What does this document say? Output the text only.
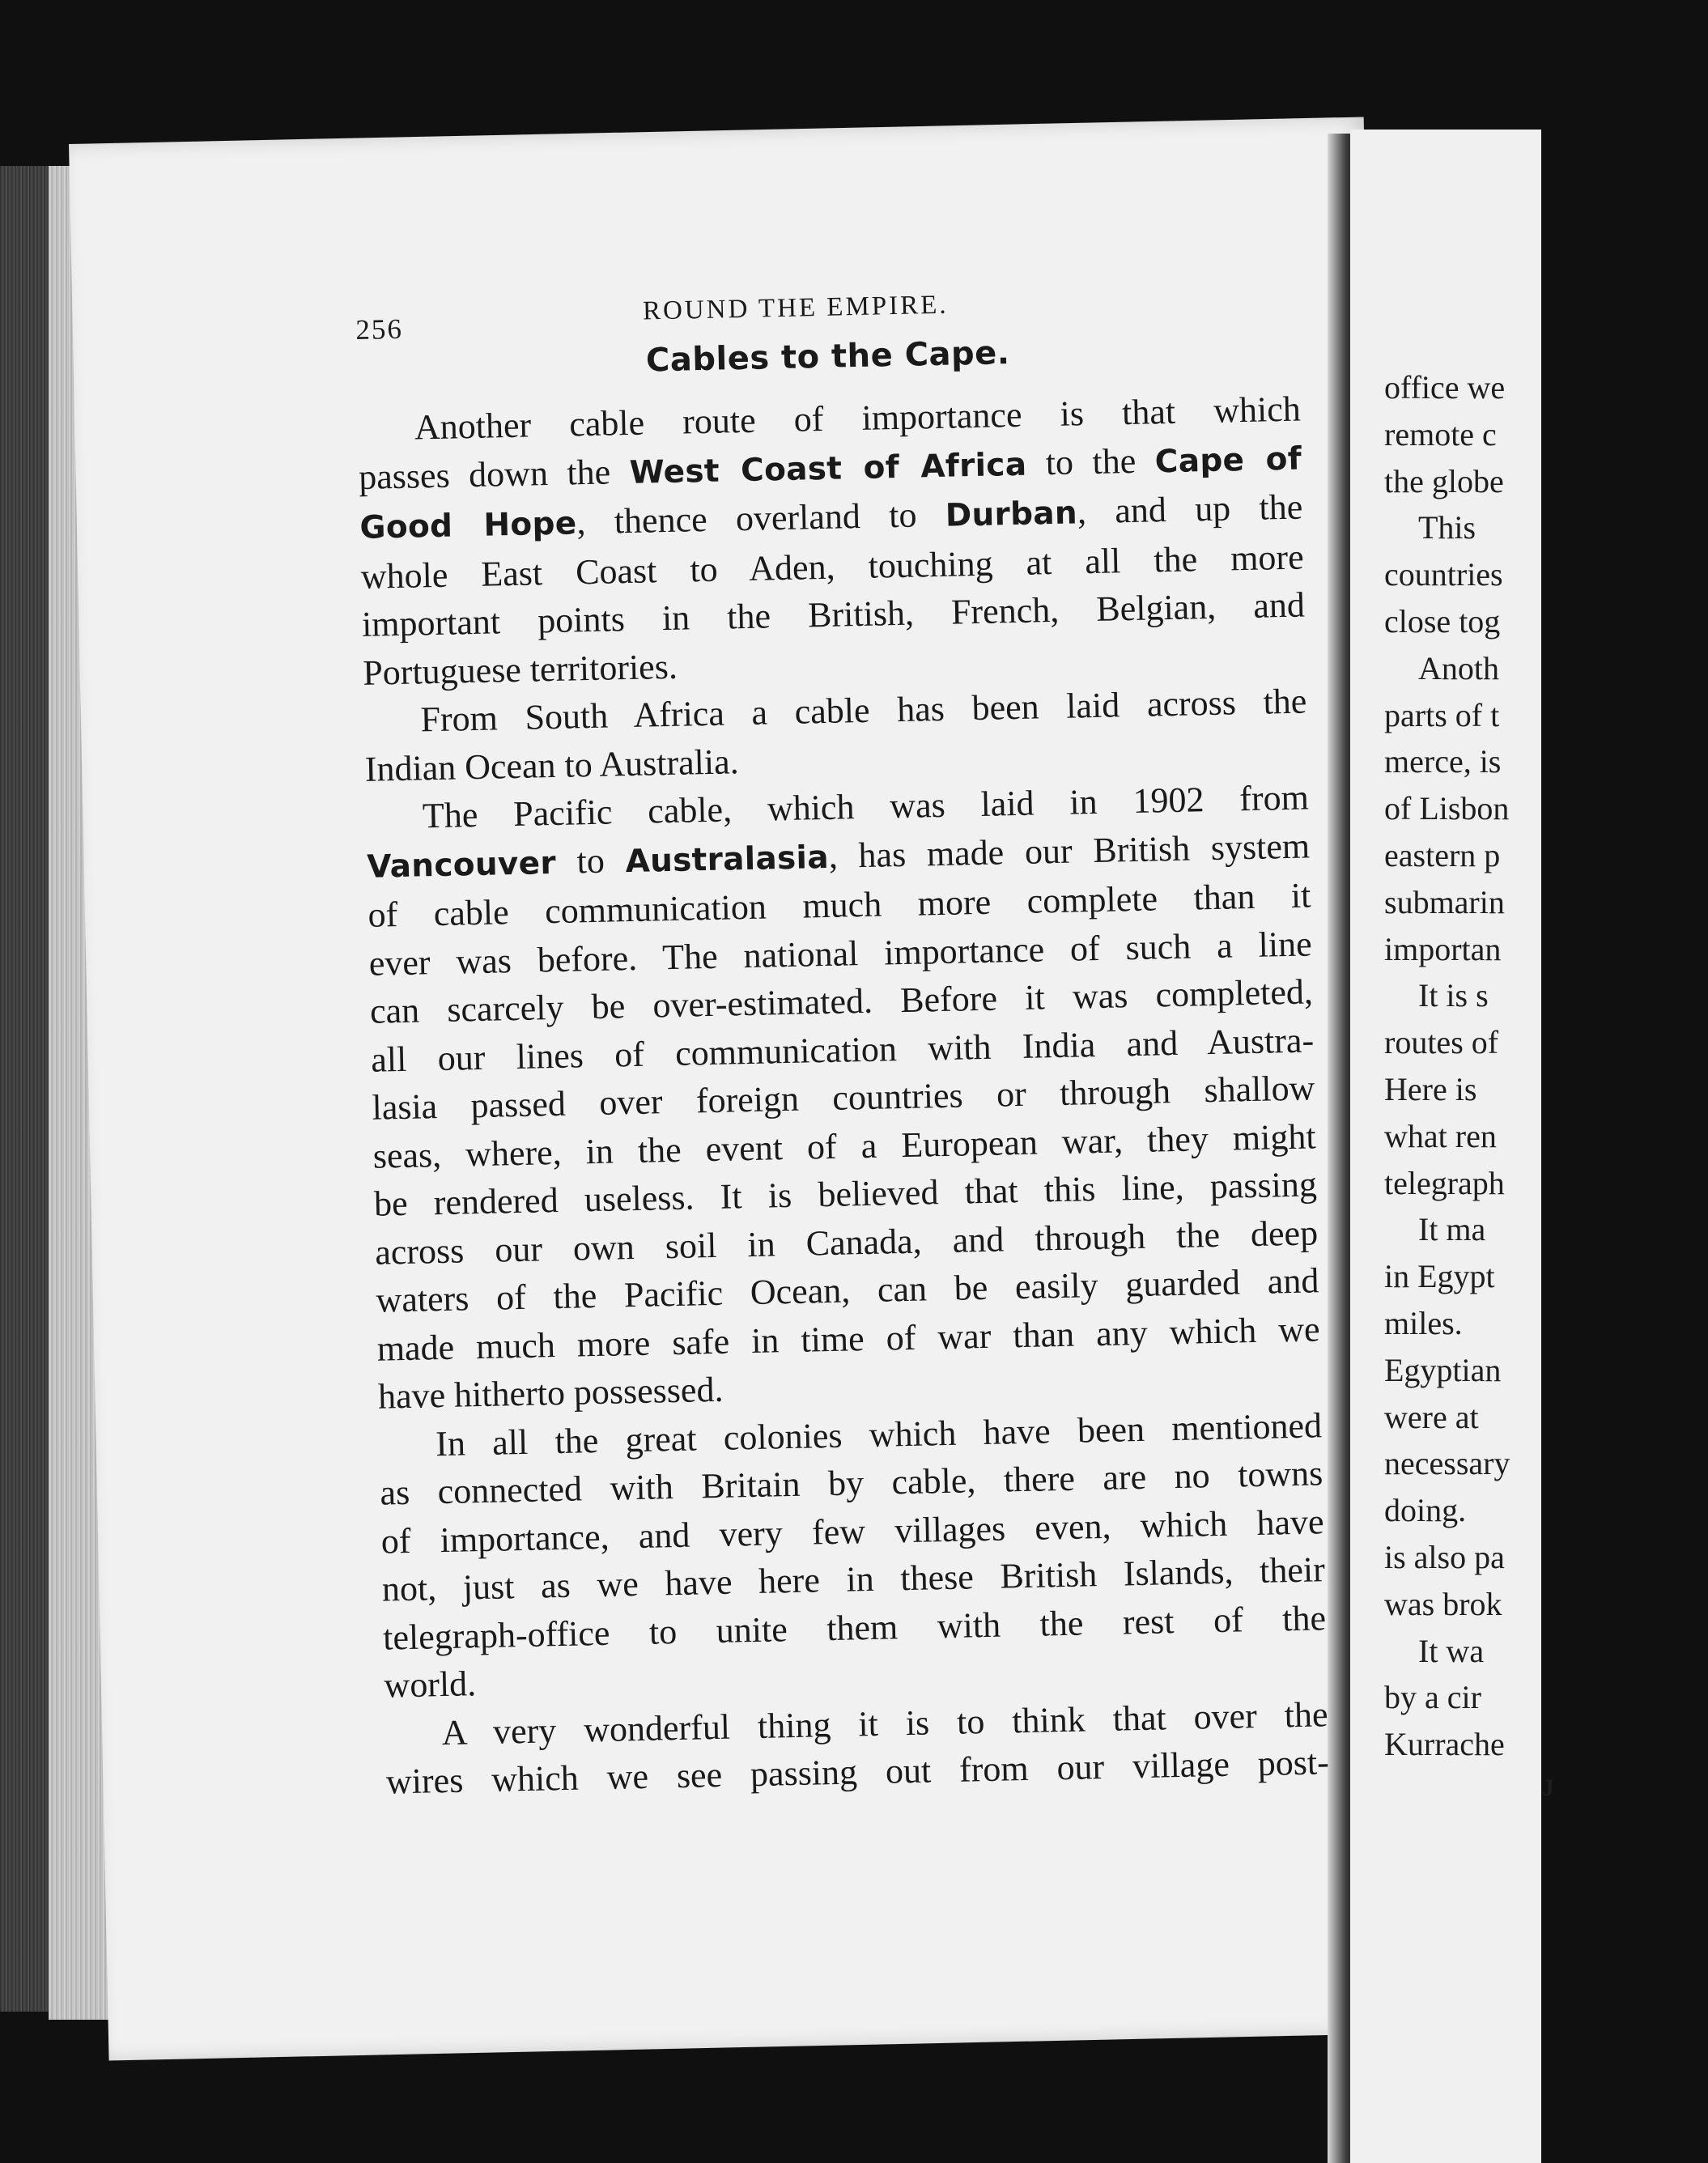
office we
remote c
the globe
This
countries
close tog
Anoth
parts of t
merce, is
of Lisbon
eastern p
submarin
importan
It is s
routes of
Here is
what ren
telegraph
It ma
in Egypt
miles.
Egyptian
were at
necessary
doing.
is also pa
was brok
It wa
by a cir
Kurrache
J
256
ROUND THE EMPIRE.
Cables to the Cape.
Another cable route of importance is that which
passes down the West Coast of Africa to the Cape of
Good Hope, thence overland to Durban, and up the
whole East Coast to Aden, touching at all the more
important points in the British, French, Belgian, and
Portuguese territories.
From South Africa a cable has been laid across the
Indian Ocean to Australia.
The Pacific cable, which was laid in 1902 from
Vancouver to Australasia, has made our British system
of cable communication much more complete than it
ever was before. The national importance of such a line
can scarcely be over-estimated. Before it was completed,
all our lines of communication with India and Austra-
lasia passed over foreign countries or through shallow
seas, where, in the event of a European war, they might
be rendered useless. It is believed that this line, passing
across our own soil in Canada, and through the deep
waters of the Pacific Ocean, can be easily guarded and
made much more safe in time of war than any which we
have hitherto possessed.
In all the great colonies which have been mentioned
as connected with Britain by cable, there are no towns
of importance, and very few villages even, which have
not, just as we have here in these British Islands, their
telegraph-office to unite them with the rest of the
world.
A very wonderful thing it is to think that over the
wires which we see passing out from our village post-
